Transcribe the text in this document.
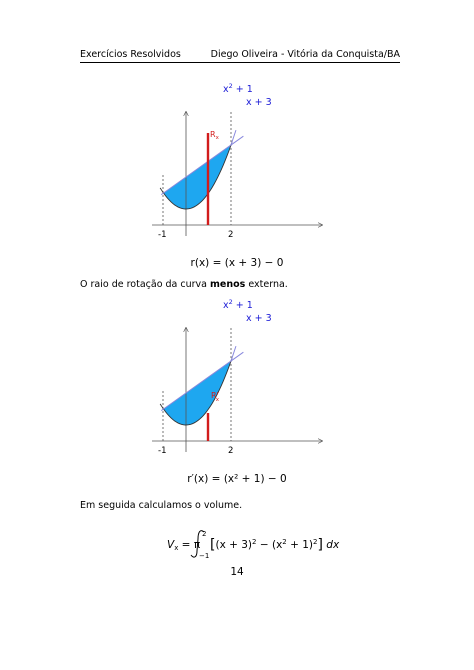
Exercícios Resolvidos	Diego Oliveira - Vitória da Conquista/BA
$x^2 + 1$
x + 3
$R_x$
-1	2
r(x) = (x + 3) − 0
O raio de rotação da curva menos externa.
$x^2 + 1$
x + 3
$R^r$ x
-1	2
r′(x) = (x² + 1) − 0
Em seguida calculamos o volume.
Vx = π
2
−1
$[(x + 3)^2 - (x^2 + 1)^2]$ dx
14
